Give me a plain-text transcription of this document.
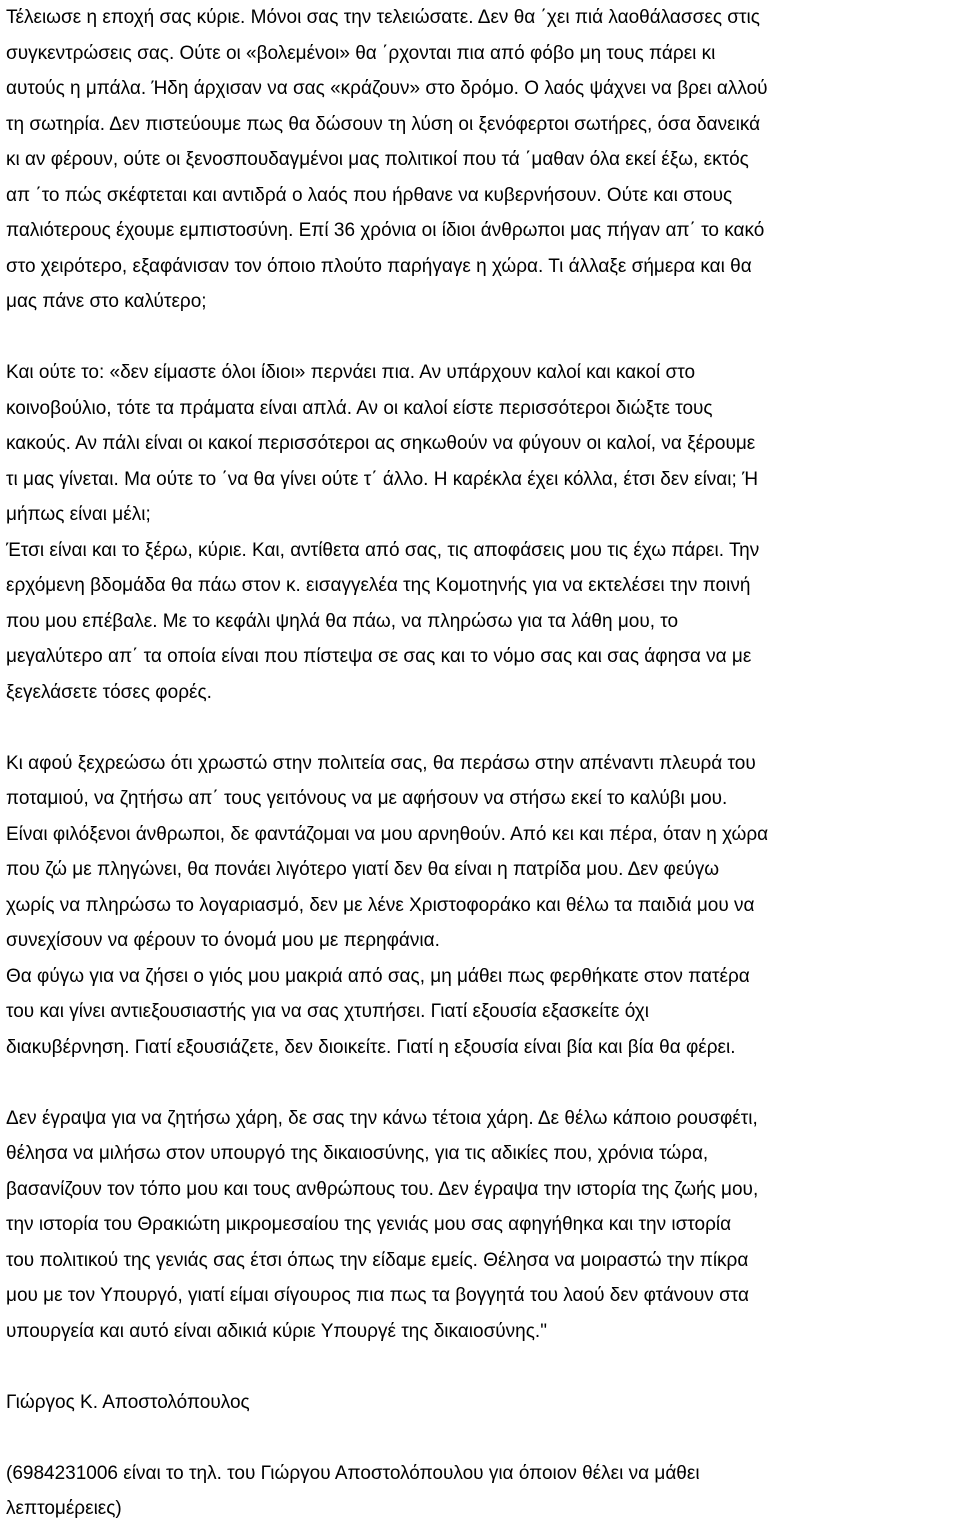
Τέλειωσε η εποχή σας κύριε. Μόνοι σας την τελειώσατε. Δεν θα ΄χει πιά λαοθάλασσες στις
συγκεντρώσεις σας. Ούτε οι «βολεμένοι» θα ΄ρχονται πια από φόβο μη τους πάρει κι
αυτούς η μπάλα. Ήδη άρχισαν να σας «κράζουν» στο δρόμο. Ο λαός ψάχνει να βρει αλλού
τη σωτηρία. Δεν πιστεύουμε πως θα δώσουν τη λύση οι ξενόφερτοι σωτήρες, όσα δανεικά
κι αν φέρουν, ούτε οι ξενοσπουδαγμένοι μας πολιτικοί που τά ΄μαθαν όλα εκεί έξω, εκτός
απ ΄το πώς σκέφτεται και αντιδρά ο λαός που ήρθανε να κυβερνήσουν. Ούτε και στους
παλιότερους έχουμε εμπιστοσύνη. Επί 36 χρόνια οι ίδιοι άνθρωποι μας πήγαν απ΄ το κακό
στο χειρότερο, εξαφάνισαν τον όποιο πλούτο παρήγαγε η χώρα. Τι άλλαξε σήμερα και θα
μας πάνε στο καλύτερο;

Και ούτε το: «δεν είμαστε όλοι ίδιοι» περνάει πια. Αν υπάρχουν καλοί και κακοί στο
κοινοβούλιο, τότε τα πράματα είναι απλά. Αν οι καλοί είστε περισσότεροι διώξτε τους
κακούς. Αν πάλι είναι οι κακοί περισσότεροι ας σηκωθούν να φύγουν οι καλοί, να ξέρουμε
τι μας γίνεται. Μα ούτε το ΄να θα γίνει ούτε τ΄ άλλο. Η καρέκλα έχει κόλλα, έτσι δεν είναι; Ή
μήπως είναι μέλι;
Έτσι είναι και το ξέρω, κύριε. Και, αντίθετα από σας, τις αποφάσεις μου τις έχω πάρει. Την
ερχόμενη βδομάδα θα πάω στον κ. εισαγγελέα της Κομοτηνής για να εκτελέσει την ποινή
που μου επέβαλε. Με το κεφάλι ψηλά θα πάω, να πληρώσω για τα λάθη μου, το
μεγαλύτερο απ΄ τα οποία είναι που πίστεψα σε σας και το νόμο σας και σας άφησα να με
ξεγελάσετε τόσες φορές.

Κι αφού ξεχρεώσω ότι χρωστώ στην πολιτεία σας, θα περάσω στην απέναντι πλευρά του
ποταμιού, να ζητήσω απ΄ τους γειτόνους να με αφήσουν να στήσω εκεί το καλύβι μου.
Είναι φιλόξενοι άνθρωποι, δε φαντάζομαι να μου αρνηθούν. Από κει και πέρα, όταν η χώρα
που ζώ με πληγώνει, θα πονάει λιγότερο γιατί δεν θα είναι η πατρίδα μου. Δεν φεύγω
χωρίς να πληρώσω το λογαριασμό, δεν με λένε Χριστοφοράκο και θέλω τα παιδιά μου να
συνεχίσουν να φέρουν το όνομά μου με περηφάνια.
Θα φύγω για να ζήσει ο γιός μου μακριά από σας, μη μάθει πως φερθήκατε στον πατέρα
του και γίνει αντιεξουσιαστής για να σας χτυπήσει. Γιατί εξουσία εξασκείτε όχι
διακυβέρνηση. Γιατί εξουσιάζετε, δεν διοικείτε. Γιατί η εξουσία είναι βία και βία θα φέρει.

Δεν έγραψα για να ζητήσω χάρη, δε σας την κάνω τέτοια χάρη. Δε θέλω κάποιο ρουσφέτι,
θέλησα να μιλήσω στον υπουργό της δικαιοσύνης, για τις αδικίες που, χρόνια τώρα,
βασανίζουν τον τόπο μου και τους ανθρώπους του. Δεν έγραψα την ιστορία της ζωής μου,
την ιστορία του Θρακιώτη μικρομεσαίου της γενιάς μου σας αφηγήθηκα και την ιστορία
του πολιτικού της γενιάς σας έτσι όπως την είδαμε εμείς. Θέλησα να μοιραστώ την πίκρα
μου με τον Υπουργό, γιατί είμαι σίγουρος πια πως τα βογγητά του λαού δεν φτάνουν στα
υπουργεία και αυτό είναι αδικιά κύριε Υπουργέ της δικαιοσύνης."

Γιώργος Κ. Αποστολόπουλος

(6984231006 είναι το τηλ. του Γιώργου Αποστολόπουλου για όποιον θέλει να μάθει
λεπτομέρειες)
